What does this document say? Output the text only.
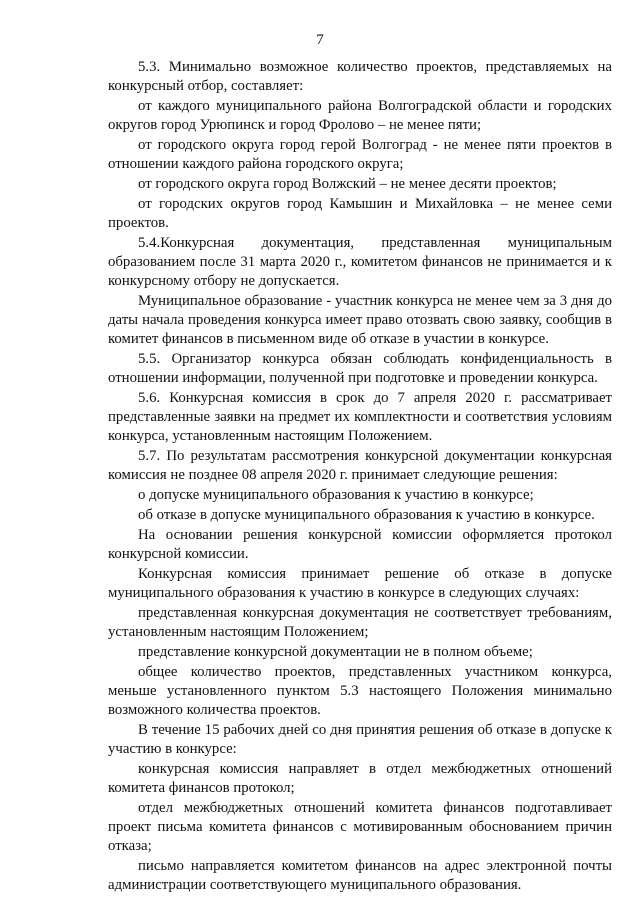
7

5.3. Минимально возможное количество проектов, представляемых на конкурсный отбор, составляет:

от каждого муниципального района Волгоградской области и городских округов город Урюпинск и город Фролово – не менее пяти;

от городского округа город герой Волгоград - не менее пяти проектов в отношении каждого района городского округа;

от городского округа город Волжский – не менее десяти проектов;

от городских округов город Камышин и Михайловка – не менее семи проектов.

5.4.Конкурсная документация, представленная муниципальным образованием после 31 марта 2020 г., комитетом финансов не принимается и к конкурсному отбору не допускается.

Муниципальное образование - участник конкурса не менее чем за 3 дня до даты начала проведения конкурса имеет право отозвать свою заявку, сообщив в комитет финансов в письменном виде об отказе в участии в конкурсе.

5.5. Организатор конкурса обязан соблюдать конфиденциальность в отношении информации, полученной при подготовке и проведении конкурса.

5.6. Конкурсная комиссия в срок до 7 апреля 2020 г. рассматривает представленные заявки на предмет их комплектности и соответствия условиям конкурса, установленным настоящим Положением.

5.7. По результатам рассмотрения конкурсной документации конкурсная комиссия не позднее 08 апреля 2020 г. принимает следующие решения:

о допуске муниципального образования к участию в конкурсе;

об отказе в допуске муниципального образования к участию в конкурсе.

На основании решения конкурсной комиссии оформляется протокол конкурсной комиссии.

Конкурсная комиссия принимает решение об отказе в допуске муниципального образования к участию в конкурсе в следующих случаях:

представленная конкурсная документация не соответствует требованиям, установленным настоящим Положением;

представление конкурсной документации не в полном объеме;

общее количество проектов, представленных участником конкурса, меньше установленного пунктом 5.3 настоящего Положения минимально возможного количества проектов.

В течение 15 рабочих дней со дня принятия решения об отказе в допуске к участию в конкурсе:

конкурсная комиссия направляет в отдел межбюджетных отношений комитета финансов протокол;

отдел межбюджетных отношений комитета финансов подготавливает проект письма комитета финансов с мотивированным обоснованием причин отказа;

письмо направляется комитетом финансов на адрес электронной почты администрации соответствующего муниципального образования.
